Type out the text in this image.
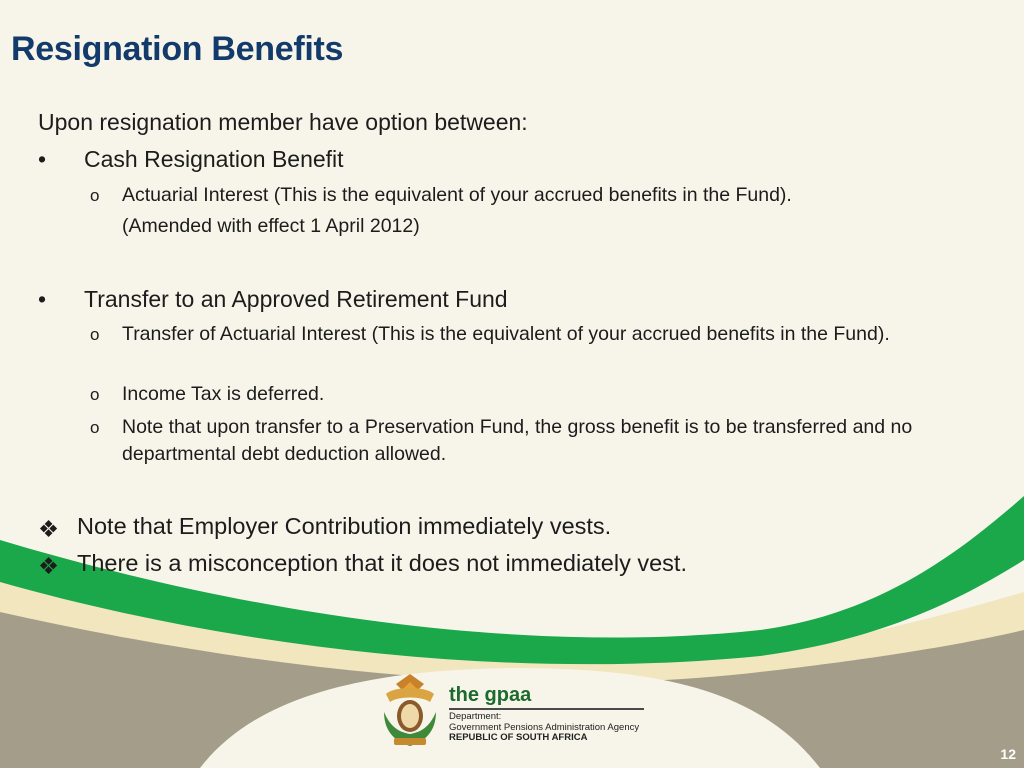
Resignation Benefits
Upon resignation member have option between:
•	Cash Resignation Benefit
o Actuarial Interest (This is the equivalent of your accrued benefits in the Fund).
(Amended with effect 1 April 2012)
•	Transfer to an Approved Retirement Fund
o Transfer of Actuarial Interest (This is the equivalent of your accrued benefits in the Fund).
o Income Tax is deferred.
o Note that upon transfer to a Preservation Fund, the gross benefit is to be transferred and no departmental debt deduction allowed.
❖ Note that Employer Contribution immediately vests.
❖ There is a misconception that it does not immediately vest.
the gpaa
Department:
Government Pensions Administration Agency
REPUBLIC OF SOUTH AFRICA
12
